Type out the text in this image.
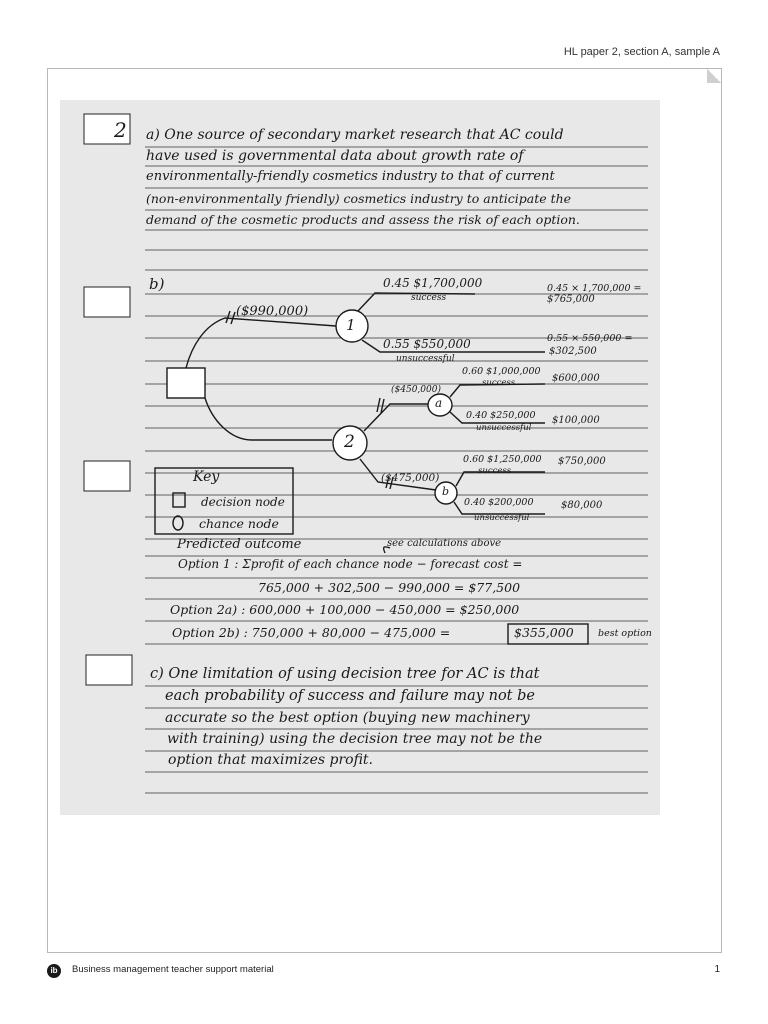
HL paper 2, section A, sample A
2 a) One source of secondary market research that AC could
have used is governmental data about growth rate of
environmentally-friendly cosmetics industry to that of current
(non-environmentally friendly) cosmetics industry to anticipate the
demand of the cosmetic products and assess the risk of each option.
b)
1
($990,000)
0.45 $1,700,000
success
0.45 × 1,700,000 =
$765,000
0.55 $550,000
unsuccessful
0.55 × 550,000 =
$302,500
2
a
($450,000)
0.60 $1,000,000
success	$600,000
0.40 $250,000
unsuccessful
$100,000
b
($475,000)
0.60 $1,250,000
success
$750,000
0.40 $200,000
unsuccessful
$80,000
Key
decision node
chance node
Predicted outcome	see calculations above
Option 1 : Σprofit of each chance node − forecast cost =
765,000 + 302,500 − 990,000 = $77,500
Option 2a) : 600,000 + 100,000 − 450,000 = $250,000
Option 2b) : 750,000 + 80,000 − 475,000 =	$355,000	best option
c) One limitation of using decision tree for AC is that
each probability of success and failure may not be
accurate so the best option (buying new machinery
with training) using the decision tree may not be the
option that maximizes profit.
ib	Business management teacher support material	1
